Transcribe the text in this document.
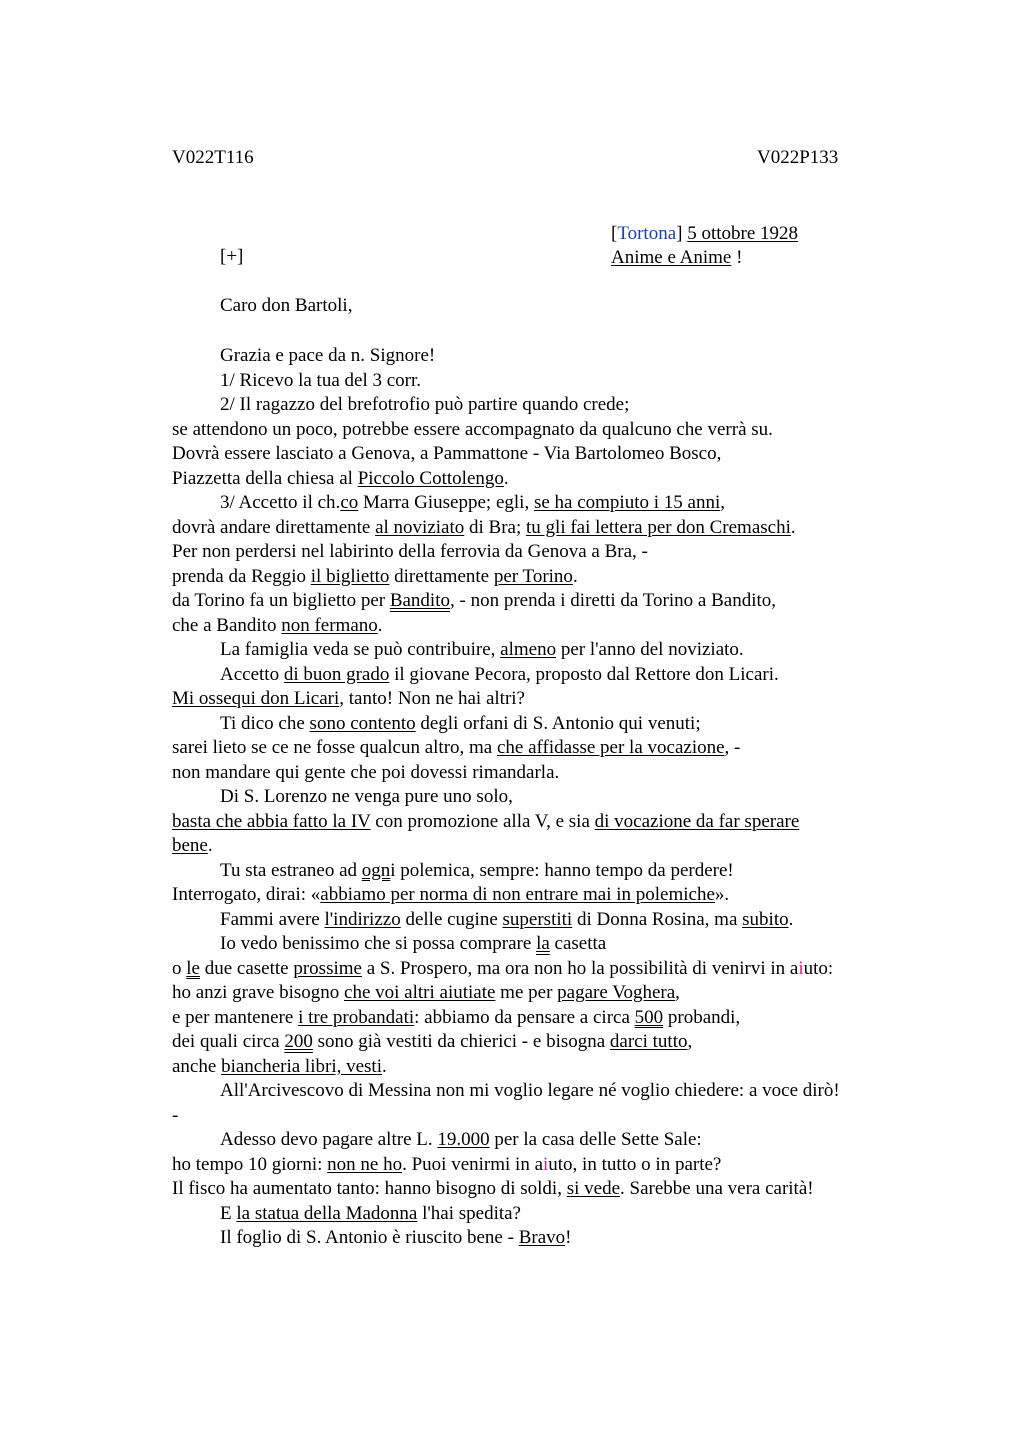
V022T116	V022P133
[Tortona] 5 ottobre 1928
Anime e Anime !
[+]
Caro don Bartoli,
Grazia e pace da n. Signore!
1/ Ricevo la tua del 3 corr.
2/ Il ragazzo del brefotrofio può partire quando crede;
se attendono un poco, potrebbe essere accompagnato da qualcuno che verrà su.
Dovrà essere lasciato a Genova, a Pammattone - Via Bartolomeo Bosco,
Piazzetta della chiesa al Piccolo Cottolengo.
3/ Accetto il ch.co Marra Giuseppe; egli, se ha compiuto i 15 anni,
dovrà andare direttamente al noviziato di Bra; tu gli fai lettera per don Cremaschi.
Per non perdersi nel labirinto della ferrovia da Genova a Bra, -
prenda da Reggio il biglietto direttamente per Torino.
da Torino fa un biglietto per Bandito, - non prenda i diretti da Torino a Bandito,
che a Bandito non fermano.
La famiglia veda se può contribuire, almeno per l'anno del noviziato.
Accetto di buon grado il giovane Pecora, proposto dal Rettore don Licari.
Mi ossequi don Licari, tanto! Non ne hai altri?
Ti dico che sono contento degli orfani di S. Antonio qui venuti;
sarei lieto se ce ne fosse qualcun altro, ma che affidasse per la vocazione, -
non mandare qui gente che poi dovessi rimandarla.
Di S. Lorenzo ne venga pure uno solo,
basta che abbia fatto la IV con promozione alla V, e sia di vocazione da far sperare
bene.
Tu sta estraneo ad ogni polemica, sempre: hanno tempo da perdere!
Interrogato, dirai: «abbiamo per norma di non entrare mai in polemiche».
Fammi avere l'indirizzo delle cugine superstiti di Donna Rosina, ma subito.
Io vedo benissimo che si possa comprare la casetta
o le due casette prossime a S. Prospero, ma ora non ho la possibilità di venirvi in aiuto:
ho anzi grave bisogno che voi altri aiutiate me per pagare Voghera,
e per mantenere i tre probandati: abbiamo da pensare a circa 500 probandi,
dei quali circa 200 sono già vestiti da chierici - e bisogna darci tutto,
anche biancheria libri, vesti.
All'Arcivescovo di Messina non mi voglio legare né voglio chiedere: a voce dirò!
-
Adesso devo pagare altre L. 19.000 per la casa delle Sette Sale:
ho tempo 10 giorni: non ne ho. Puoi venirmi in aiuto, in tutto o in parte?
Il fisco ha aumentato tanto: hanno bisogno di soldi, si vede. Sarebbe una vera carità!
E la statua della Madonna l'hai spedita?
Il foglio di S. Antonio è riuscito bene - Bravo!
